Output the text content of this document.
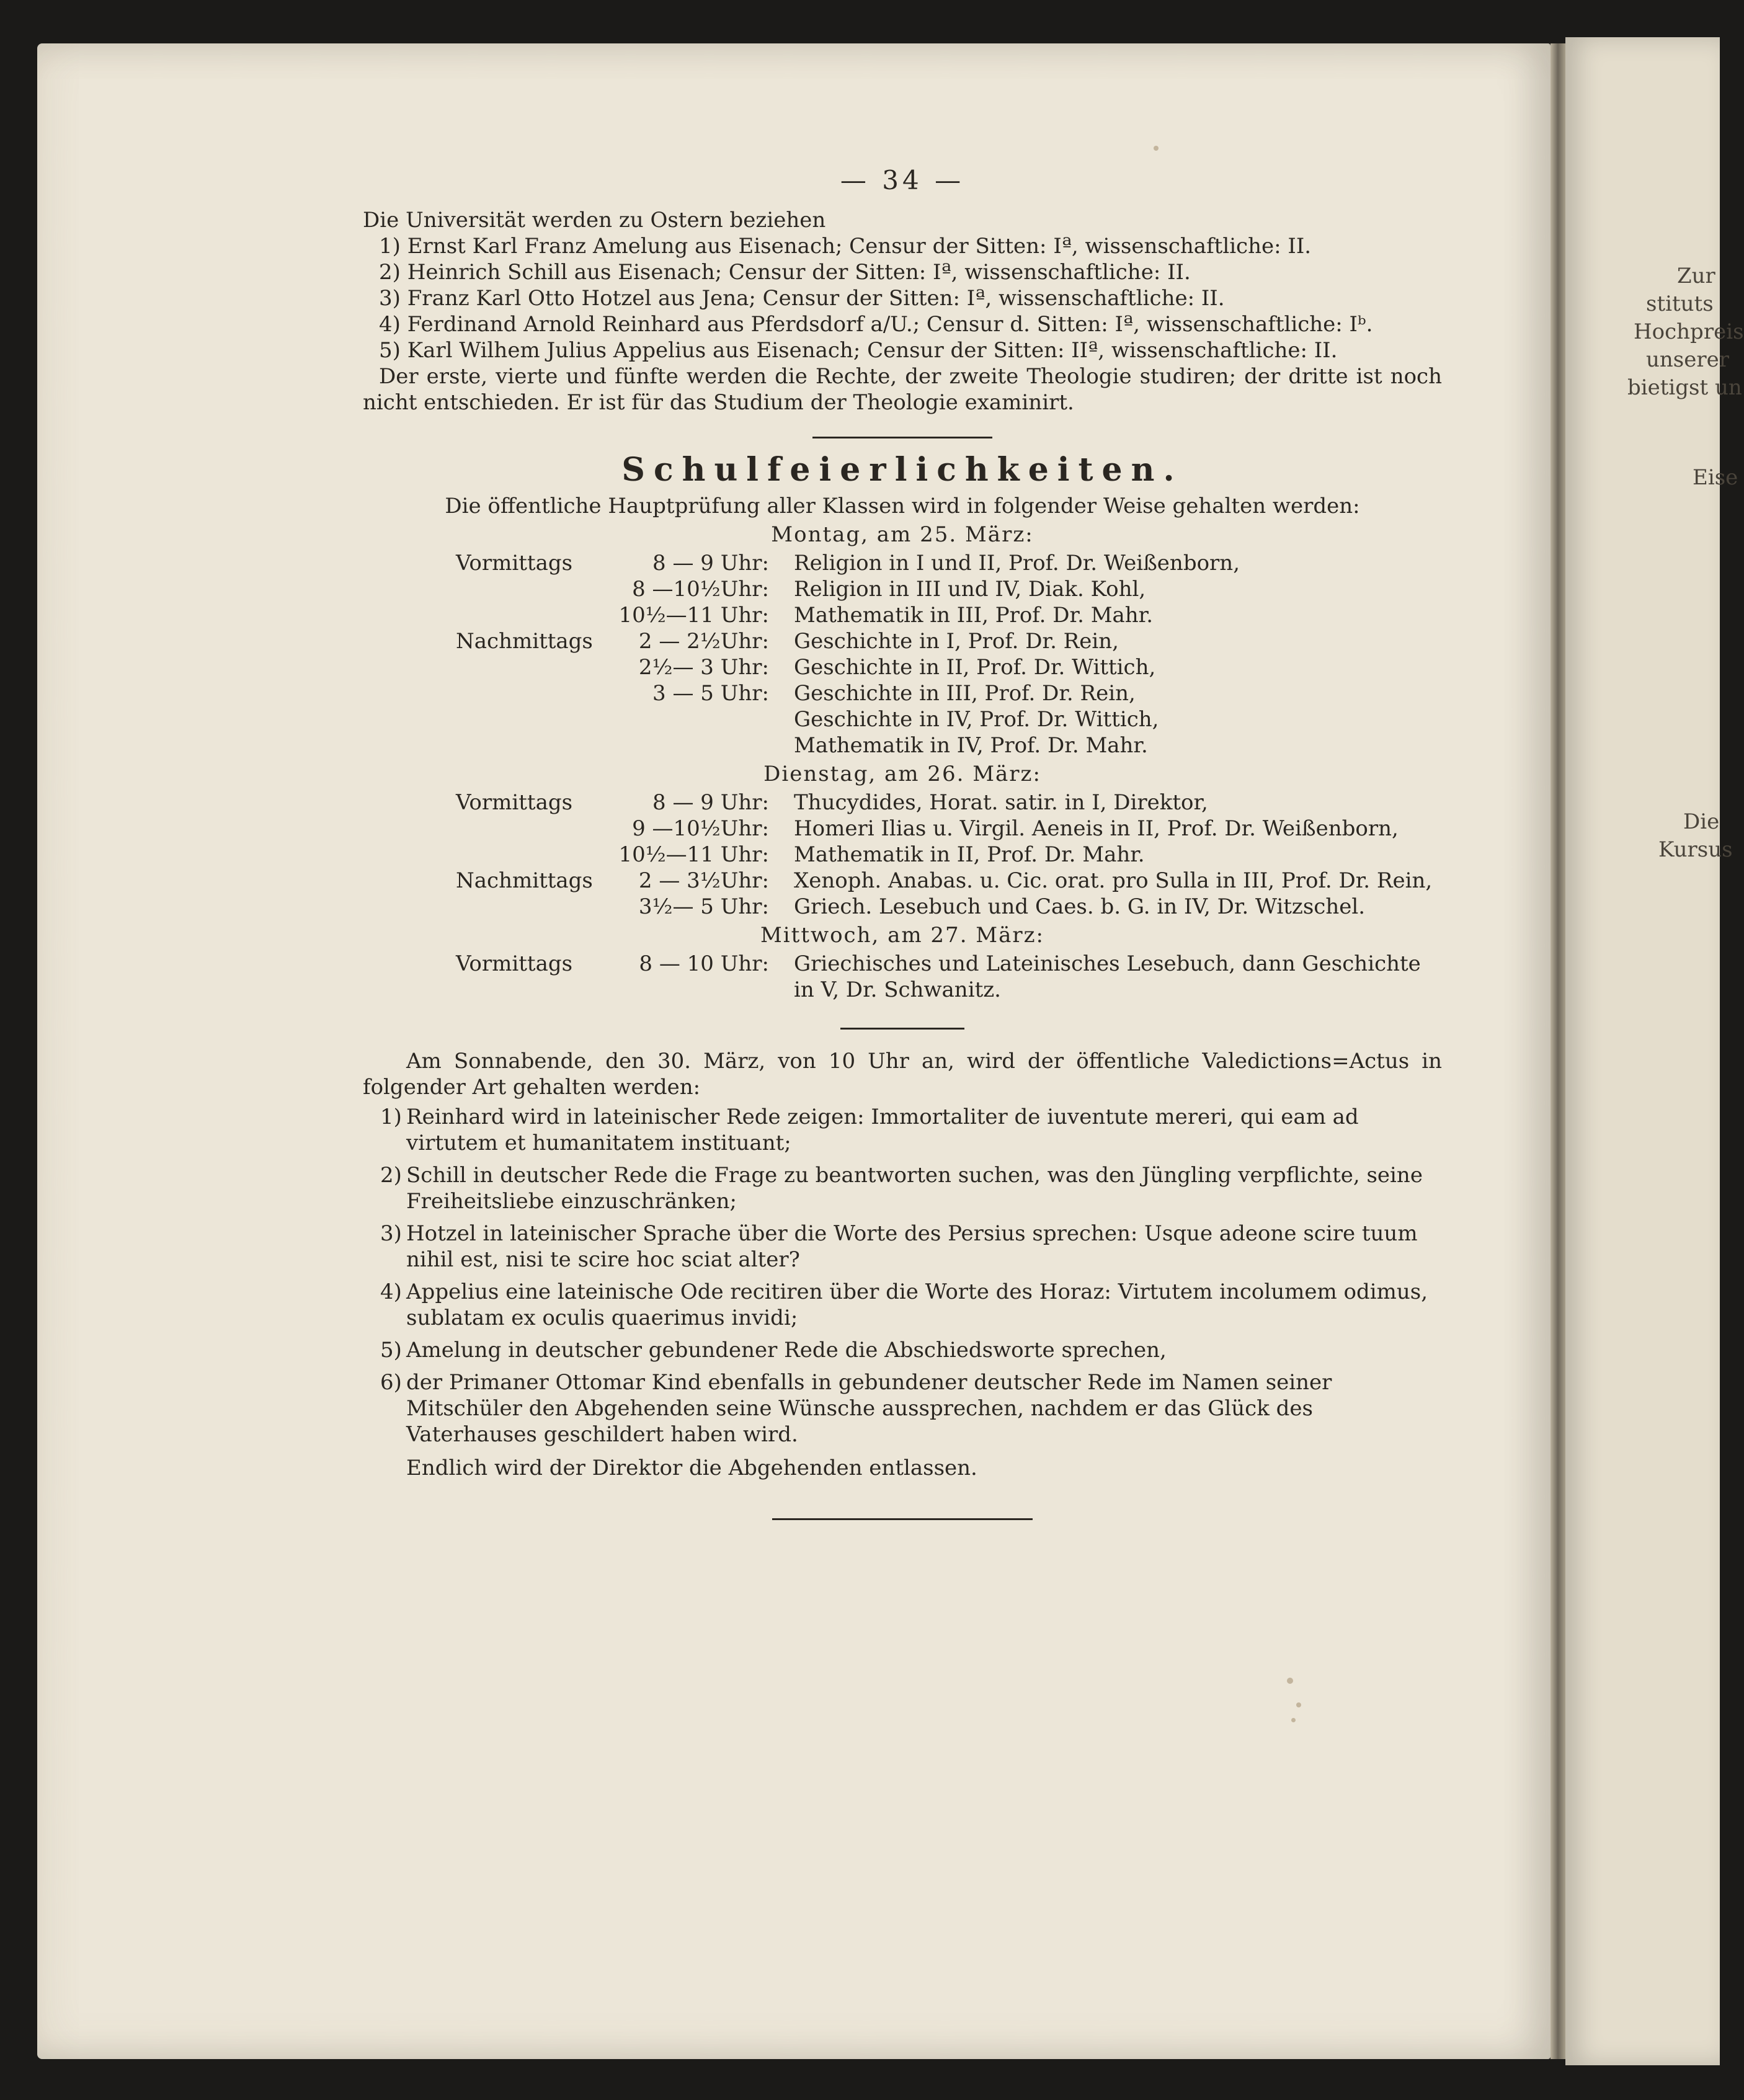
Zur
stituts
Hochpreis
unserer
bietigst un
Eise
Die
Kursus
— 34 —
Die Universität werden zu Ostern beziehen
1) Ernst Karl Franz Amelung aus Eisenach; Censur der Sitten: Iª, wissenschaftliche: II.
2) Heinrich Schill aus Eisenach; Censur der Sitten: Iª, wissenschaftliche: II.
3) Franz Karl Otto Hotzel aus Jena; Censur der Sitten: Iª, wissenschaftliche: II.
4) Ferdinand Arnold Reinhard aus Pferdsdorf a/U.; Censur d. Sitten: Iª, wissenschaftliche: Iᵇ.
5) Karl Wilhem Julius Appelius aus Eisenach; Censur der Sitten: IIª, wissenschaftliche: II.
Der erste, vierte und fünfte werden die Rechte, der zweite Theologie studiren; der dritte ist noch nicht entschieden. Er ist für das Studium der Theologie examinirt.
Schulfeierlichkeiten.
Die öffentliche Hauptprüfung aller Klassen wird in folgender Weise gehalten werden:
Montag, am 25. März:
Vormittags	8 — 9 Uhr:	Religion in I und II, Prof. Dr. Weißenborn,
	8 —10½Uhr:	Religion in III und IV, Diak. Kohl,
	10½—11 Uhr:	Mathematik in III, Prof. Dr. Mahr.
Nachmittags	2 — 2½Uhr:	Geschichte in I, Prof. Dr. Rein,
	2½— 3 Uhr:	Geschichte in II, Prof. Dr. Wittich,
	3 — 5 Uhr:	Geschichte in III, Prof. Dr. Rein,
		Geschichte in IV, Prof. Dr. Wittich,
		Mathematik in IV, Prof. Dr. Mahr.
Dienstag, am 26. März:
Vormittags	8 — 9 Uhr:	Thucydides, Horat. satir. in I, Direktor,
	9 —10½Uhr:	Homeri Ilias u. Virgil. Aeneis in II, Prof. Dr. Weißenborn,
	10½—11 Uhr:	Mathematik in II, Prof. Dr. Mahr.
Nachmittags	2 — 3½Uhr:	Xenoph. Anabas. u. Cic. orat. pro Sulla in III, Prof. Dr. Rein,
	3½— 5 Uhr:	Griech. Lesebuch und Caes. b. G. in IV, Dr. Witzschel.
Mittwoch, am 27. März:
Vormittags	8 — 10 Uhr:	Griechisches und Lateinisches Lesebuch, dann Geschichte in V, Dr. Schwanitz.
Am Sonnabende, den 30. März, von 10 Uhr an, wird der öffentliche Valedictions=Actus in folgender Art gehalten werden:
1) Reinhard wird in lateinischer Rede zeigen: Immortaliter de iuventute mereri, qui eam ad virtutem et humanitatem instituant;
2) Schill in deutscher Rede die Frage zu beantworten suchen, was den Jüngling verpflichte, seine Freiheitsliebe einzuschränken;
3) Hotzel in lateinischer Sprache über die Worte des Persius sprechen: Usque adeone scire tuum nihil est, nisi te scire hoc sciat alter?
4) Appelius eine lateinische Ode recitiren über die Worte des Horaz: Virtutem incolumem odimus, sublatam ex oculis quaerimus invidi;
5) Amelung in deutscher gebundener Rede die Abschiedsworte sprechen,
6) der Primaner Ottomar Kind ebenfalls in gebundener deutscher Rede im Namen seiner Mitschüler den Abgehenden seine Wünsche aussprechen, nachdem er das Glück des Vaterhauses geschildert haben wird.
Endlich wird der Direktor die Abgehenden entlassen.
